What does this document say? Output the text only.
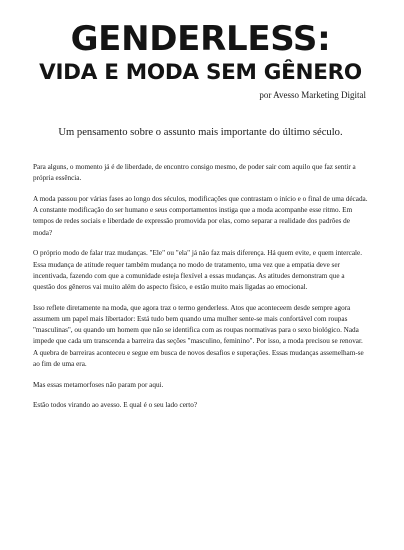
GENDERLESS:
VIDA E MODA SEM GÊNERO
por Avesso Marketing Digital
Um pensamento sobre o assunto mais importante do último século.

Para alguns, o momento já é de liberdade, de encontro consigo mesmo, de poder sair com aquilo que faz sentir a própria essência.

A moda passou por várias fases ao longo dos séculos, modificações que contrastam o início e o final de uma década. A constante modificação do ser humano e seus comportamentos instiga que a moda acompanhe esse ritmo. Em tempos de redes sociais e liberdade de expressão promovida por elas, como separar a realidade dos padrões de moda?

O próprio modo de falar traz mudanças. "Ele" ou "ela" já não faz mais diferença. Há quem evite, e quem intercale. Essa mudança de atitude requer também mudança no modo de tratamento, uma vez que a empatia deve ser incentivada, fazendo com que a comunidade esteja flexível a essas mudanças. As atitudes demonstram que a questão dos gêneros vai muito além do aspecto físico, e estão muito mais ligadas ao emocional.

Isso reflete diretamente na moda, que agora traz o termo genderless. Atos que aconteceem desde sempre agora assumem um papel mais libertador: Está tudo bem quando uma mulher sente-se mais confortável com roupas "masculinas", ou quando um homem que não se identifica com as roupas normativas para o sexo biológico. Nada impede que cada um transcenda a barreira das seções "masculino, feminino". Por isso, a moda precisou se renovar. A quebra de barreiras aconteceu e segue em busca de novos desafios e superações. Essas mudanças assemelham-se ao fim de uma era.

Mas essas metamorfoses não param por aqui.

Estão todos virando ao avesso. E qual é o seu lado certo?
